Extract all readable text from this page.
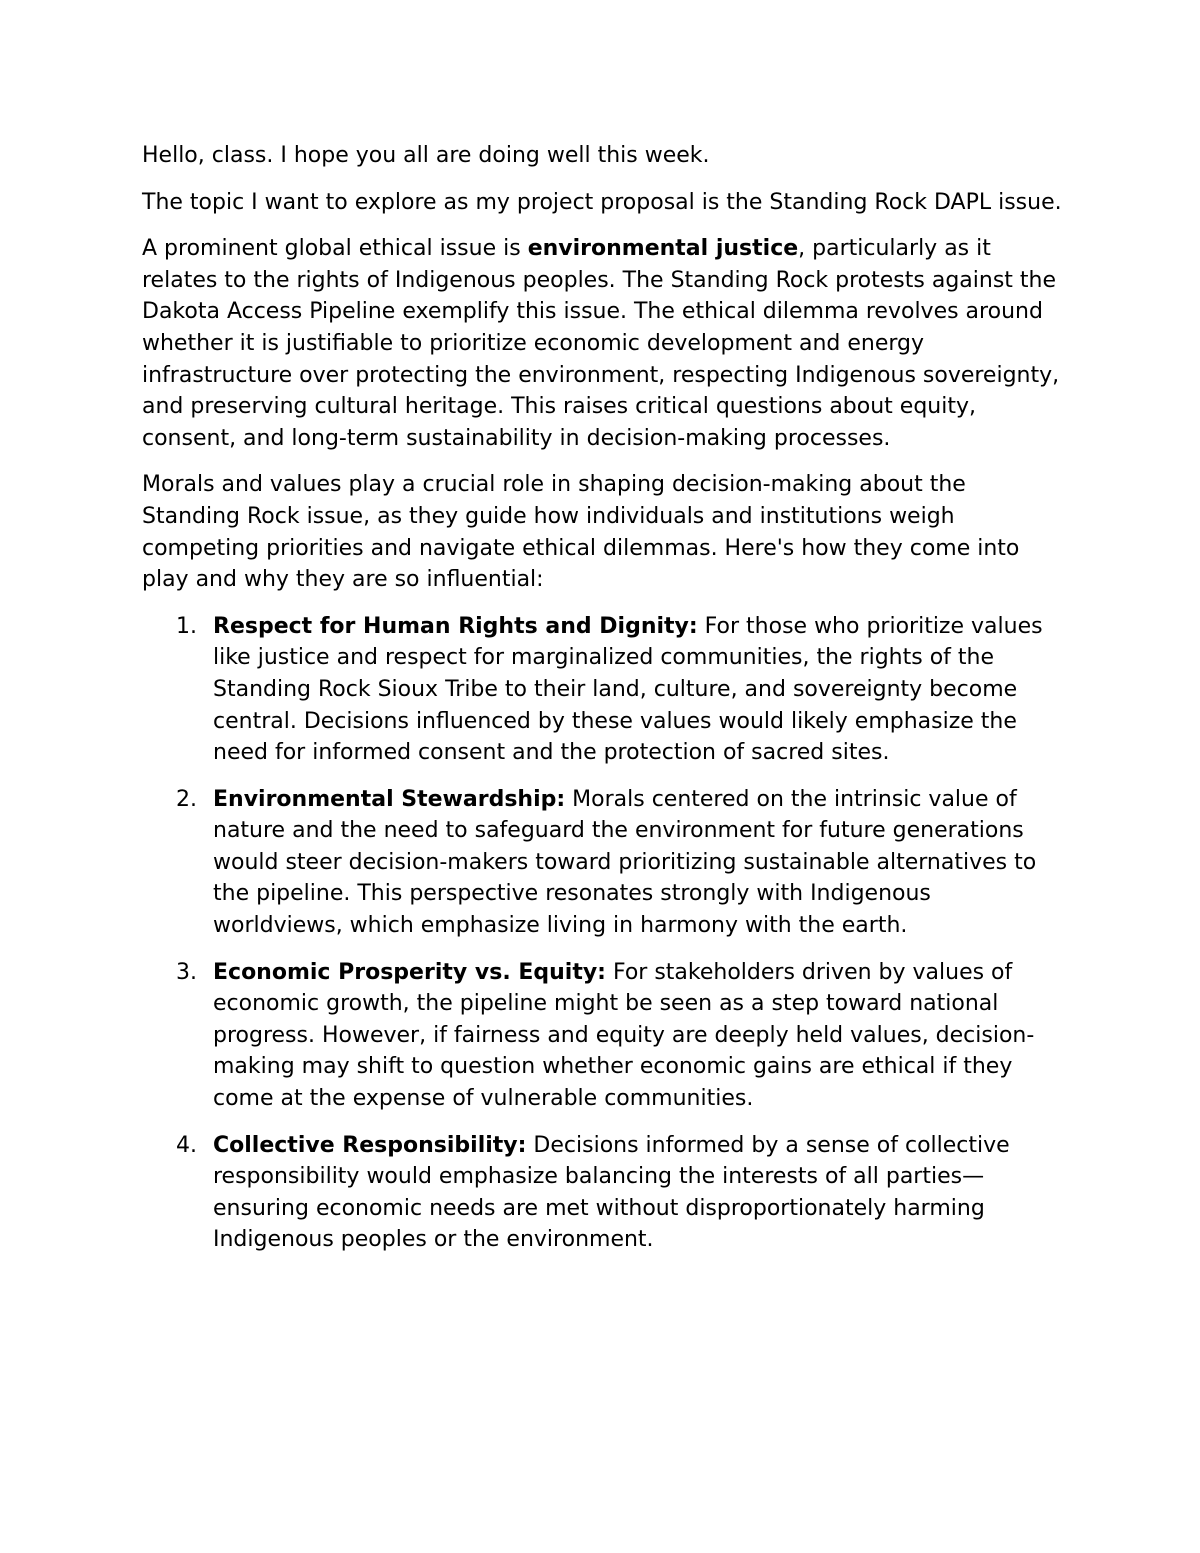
Hello, class. I hope you all are doing well this week.

The topic I want to explore as my project proposal is the Standing Rock DAPL issue.

A prominent global ethical issue is environmental justice, particularly as it relates to the rights of Indigenous peoples. The Standing Rock protests against the Dakota Access Pipeline exemplify this issue. The ethical dilemma revolves around whether it is justifiable to prioritize economic development and energy infrastructure over protecting the environment, respecting Indigenous sovereignty, and preserving cultural heritage. This raises critical questions about equity, consent, and long-term sustainability in decision-making processes.

Morals and values play a crucial role in shaping decision-making about the Standing Rock issue, as they guide how individuals and institutions weigh competing priorities and navigate ethical dilemmas. Here's how they come into play and why they are so influential:

1. Respect for Human Rights and Dignity: For those who prioritize values like justice and respect for marginalized communities, the rights of the Standing Rock Sioux Tribe to their land, culture, and sovereignty become central. Decisions influenced by these values would likely emphasize the need for informed consent and the protection of sacred sites.
2. Environmental Stewardship: Morals centered on the intrinsic value of nature and the need to safeguard the environment for future generations would steer decision-makers toward prioritizing sustainable alternatives to the pipeline. This perspective resonates strongly with Indigenous worldviews, which emphasize living in harmony with the earth.
3. Economic Prosperity vs. Equity: For stakeholders driven by values of economic growth, the pipeline might be seen as a step toward national progress. However, if fairness and equity are deeply held values, decision-making may shift to question whether economic gains are ethical if they come at the expense of vulnerable communities.
4. Collective Responsibility: Decisions informed by a sense of collective responsibility would emphasize balancing the interests of all parties—ensuring economic needs are met without disproportionately harming Indigenous peoples or the environment.
